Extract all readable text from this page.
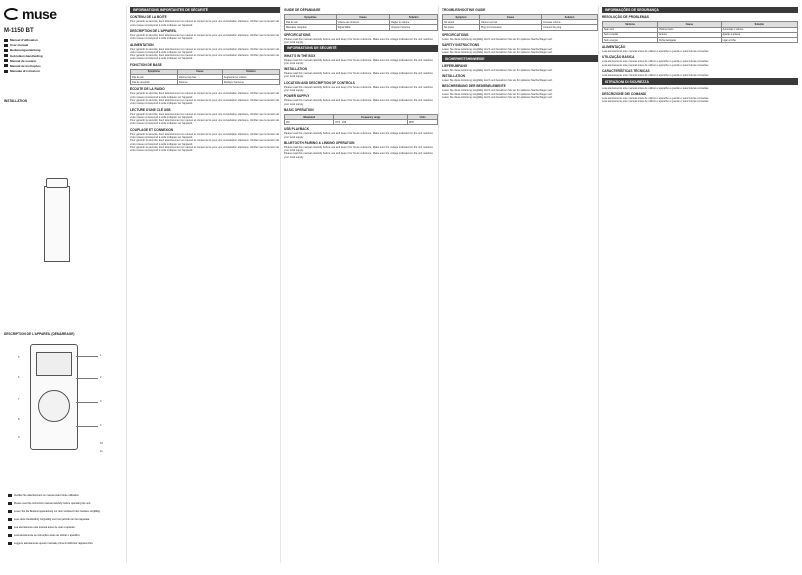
muse
M-1150 BT
Manuel d'utilisation
User manual
Bedienungsanleitung
Gebruikershandleiding
Manual de usuario
Manual de instruções
Manuale di istruzioni
INSTALLATION
DESCRIPTION DE L'APPAREIL (DÉMARRAGE)
1
2
3
4
5
6
7
8
9
10
11
Veuillez lire attentivement ce manuel avant toute utilisation.
Please read the instruction manual carefully before operating the unit.
Lesen Sie die Bedienungsanleitung vor dem Gebrauch des Gerätes sorgfältig.
Lees deze handleiding zorgvuldig voor het gebruik van het apparaat.
Lea atentamente este manual antes de usar el aparato.
Leia atentamente as instruções antes de utilizar o aparelho.
Leggere attentamente questo manuale prima di utilizzare l'apparecchio.
INFORMATIONS IMPORTANTES DE SÉCURITÉ
CONTENU DE LA BOITE
Pour garantir la sécurité, lisez attentivement ce manuel et conservez-le pour une consultation ultérieure. Vérifiez que la tension de votre réseau correspond à celle indiquée sur l'appareil.
DESCRIPTION DE L'APPAREIL
Pour garantir la sécurité, lisez attentivement ce manuel et conservez-le pour une consultation ultérieure. Vérifiez que la tension de votre réseau correspond à celle indiquée sur l'appareil.
ALIMENTATION
Pour garantir la sécurité, lisez attentivement ce manuel et conservez-le pour une consultation ultérieure. Vérifiez que la tension de votre réseau correspond à celle indiquée sur l'appareil.
Pour garantir la sécurité, lisez attentivement ce manuel et conservez-le pour une consultation ultérieure. Vérifiez que la tension de votre réseau correspond à celle indiquée sur l'appareil.
FONCTION DE BASE
Symptôme	Cause	Solution
Pas de son	Volume trop bas	Augmenter le volume
Pas de réception	Antenne	Déployer l'antenne
ÉCOUTE DE LA RADIO
Pour garantir la sécurité, lisez attentivement ce manuel et conservez-le pour une consultation ultérieure. Vérifiez que la tension de votre réseau correspond à celle indiquée sur l'appareil.
Pour garantir la sécurité, lisez attentivement ce manuel et conservez-le pour une consultation ultérieure. Vérifiez que la tension de votre réseau correspond à celle indiquée sur l'appareil.
LECTURE D'UNE CLÉ USB
Pour garantir la sécurité, lisez attentivement ce manuel et conservez-le pour une consultation ultérieure. Vérifiez que la tension de votre réseau correspond à celle indiquée sur l'appareil.
Pour garantir la sécurité, lisez attentivement ce manuel et conservez-le pour une consultation ultérieure. Vérifiez que la tension de votre réseau correspond à celle indiquée sur l'appareil.
COUPLAGE ET CONNEXION
Pour garantir la sécurité, lisez attentivement ce manuel et conservez-le pour une consultation ultérieure. Vérifiez que la tension de votre réseau correspond à celle indiquée sur l'appareil.
Pour garantir la sécurité, lisez attentivement ce manuel et conservez-le pour une consultation ultérieure. Vérifiez que la tension de votre réseau correspond à celle indiquée sur l'appareil.
Pour garantir la sécurité, lisez attentivement ce manuel et conservez-le pour une consultation ultérieure. Vérifiez que la tension de votre réseau correspond à celle indiquée sur l'appareil.
GUIDE DE DÉPANNAGE
Symptôme	Cause	Solution
Pas de son	Volume au minimum	Régler le volume
Mauvaise réception	Signal faible	Orienter l'antenne
SPÉCIFICATIONS
Please read this manual carefully before use and keep it for future reference. Make sure the voltage indicated on the unit matches your local supply.
INFORMATIONS DE SÉCURITÉ
WHAT'S IN THE BOX
Please read this manual carefully before use and keep it for future reference. Make sure the voltage indicated on the unit matches your local supply.
INSTALLATION
Please read this manual carefully before use and keep it for future reference. Make sure the voltage indicated on the unit matches your local supply.
LOCATION AND DESCRIPTION OF CONTROLS
Please read this manual carefully before use and keep it for future reference. Make sure the voltage indicated on the unit matches your local supply.
POWER SUPPLY
Please read this manual carefully before use and keep it for future reference. Make sure the voltage indicated on the unit matches your local supply.
BASIC OPERATION
Waveband	Frequency range	Units
FM	87.5 - 108	MHz
USB PLAYBACK
Please read this manual carefully before use and keep it for future reference. Make sure the voltage indicated on the unit matches your local supply.
BLUETOOTH PAIRING & LINKING OPERATION
Please read this manual carefully before use and keep it for future reference. Make sure the voltage indicated on the unit matches your local supply.
Please read this manual carefully before use and keep it for future reference. Make sure the voltage indicated on the unit matches your local supply.
TROUBLESHOOTING GUIDE
Symptom	Cause	Solution
No sound	Volume too low	Increase volume
No power	Plug not connected	Connect the plug
SPECIFICATIONS
Lesen Sie diese Anleitung sorgfältig durch und bewahren Sie sie für späteres Nachschlagen auf.
SAFETY INSTRUCTIONS
Lesen Sie diese Anleitung sorgfältig durch und bewahren Sie sie für späteres Nachschlagen auf.
Lesen Sie diese Anleitung sorgfältig durch und bewahren Sie sie für späteres Nachschlagen auf.
SICHERHEITSHINWEISE
LIEFERUMFANG
Lesen Sie diese Anleitung sorgfältig durch und bewahren Sie sie für späteres Nachschlagen auf.
INSTALLATION
Lesen Sie diese Anleitung sorgfältig durch und bewahren Sie sie für späteres Nachschlagen auf.
BESCHREIBUNG DER BEDIENELEMENTE
Lesen Sie diese Anleitung sorgfältig durch und bewahren Sie sie für späteres Nachschlagen auf.
Lesen Sie diese Anleitung sorgfältig durch und bewahren Sie sie für späteres Nachschlagen auf.
Lesen Sie diese Anleitung sorgfältig durch und bewahren Sie sie für späteres Nachschlagen auf.
INFORMAÇÕES DE SEGURANÇA
RESOLUÇÃO DE PROBLEMAS
Sintoma	Causa	Solução
Sem som	Volume baixo	Aumentar o volume
Sem receção	Antena	Ajustar a antena
Sem energia	Ficha desligada	Ligar a ficha
ALIMENTAÇÃO
Leia atentamente este manual antes de utilizar o aparelho e guarde-o para futuras consultas.
UTILIZAÇÃO BÁSICA
Leia atentamente este manual antes de utilizar o aparelho e guarde-o para futuras consultas.
Leia atentamente este manual antes de utilizar o aparelho e guarde-o para futuras consultas.
CARACTERÍSTICAS TÉCNICAS
Leia atentamente este manual antes de utilizar o aparelho e guarde-o para futuras consultas.
ISTRUZIONI DI SICUREZZA
Leia atentamente este manual antes de utilizar o aparelho e guarde-o para futuras consultas.
DESCRIZIONE DEI COMANDI
Leia atentamente este manual antes de utilizar o aparelho e guarde-o para futuras consultas.
Leia atentamente este manual antes de utilizar o aparelho e guarde-o para futuras consultas.
